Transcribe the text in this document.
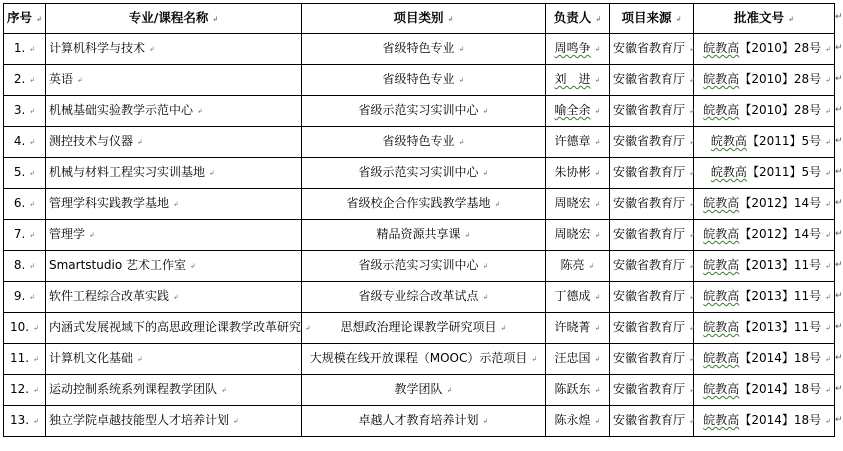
序号 ↲	专业/课程名称 ↲	项目类别 ↲	负责人 ↲	项目来源 ↲	批准文号 ↲
1. ↲	计算机科学与技术 ↲	省级特色专业 ↲	周鸣争 ↲	安徽省教育厅 ↲	皖教高【2010】28号 ↲
2. ↲	英语 ↲	省级特色专业 ↲	刘　进 ↲	安徽省教育厅 ↲	皖教高【2010】28号 ↲
3. ↲	机械基础实验教学示范中心 ↲	省级示范实习实训中心 ↲	喻全余 ↲	安徽省教育厅 ↲	皖教高【2010】28号 ↲
4. ↲	测控技术与仪器 ↲	省级特色专业 ↲	许德章 ↲	安徽省教育厅 ↲	皖教高【2011】5号 ↲
5. ↲	机械与材料工程实习实训基地 ↲	省级示范实习实训中心 ↲	朱协彬 ↲	安徽省教育厅 ↲	皖教高【2011】5号 ↲
6. ↲	管理学科实践教学基地 ↲	省级校企合作实践教学基地 ↲	周晓宏 ↲	安徽省教育厅 ↲	皖教高【2012】14号 ↲
7. ↲	管理学 ↲	精品资源共享课 ↲	周晓宏 ↲	安徽省教育厅 ↲	皖教高【2012】14号 ↲
8. ↲	Smartstudio 艺术工作室 ↲	省级示范实习实训中心 ↲	陈亮 ↲	安徽省教育厅 ↲	皖教高【2013】11号 ↲
9. ↲	软件工程综合改革实践 ↲	省级专业综合改革试点 ↲	丁德成 ↲	安徽省教育厅 ↲	皖教高【2013】11号 ↲
10. ↲	内涵式发展视域下的高思政理论课教学改革研究 ↲	思想政治理论课教学研究项目 ↲	许晓菁 ↲	安徽省教育厅 ↲	皖教高【2013】11号 ↲
11. ↲	计算机文化基础 ↲	大规模在线开放课程（MOOC）示范项目 ↲	汪忠国 ↲	安徽省教育厅 ↲	皖教高【2014】18号 ↲
12. ↲	运动控制系统系列课程教学团队 ↲	教学团队 ↲	陈跃东 ↲	安徽省教育厅 ↲	皖教高【2014】18号 ↲
13. ↲	独立学院卓越技能型人才培养计划 ↲	卓越人才教育培养计划 ↲	陈永煌 ↲	安徽省教育厅 ↲	皖教高【2014】18号 ↲
↵
↵
↵
↵
↵
↵
↵
↵
↵
↵
↵
↵
↵
↵
